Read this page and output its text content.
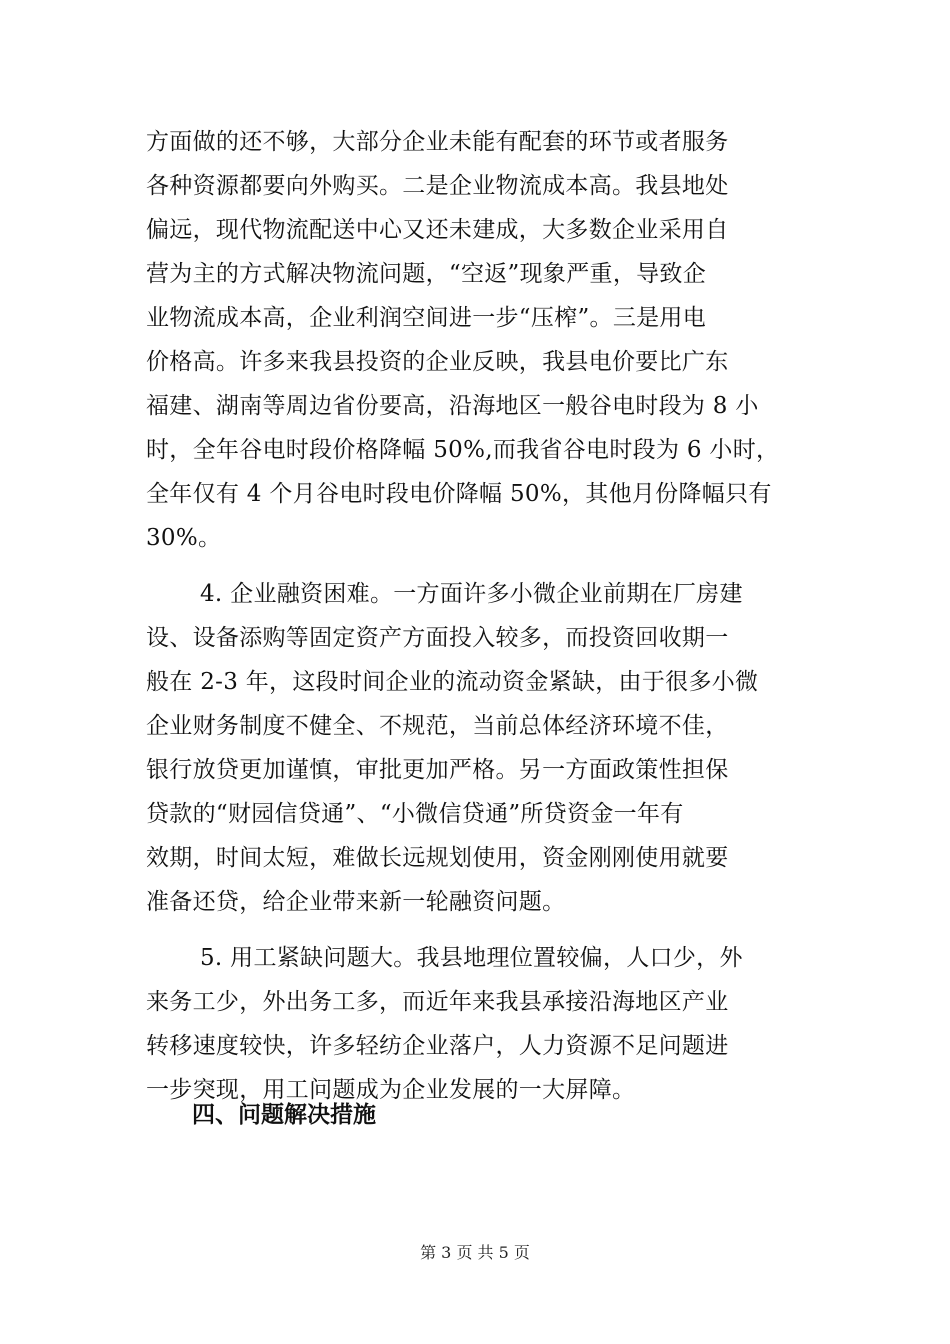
方面做的还不够，大部分企业未能有配套的环节或者服务
各种资源都要向外购买。二是企业物流成本高。我县地处
偏远，现代物流配送中心又还未建成，大多数企业采用自
营为主的方式解决物流问题，“空返”现象严重，导致企
业物流成本高，企业利润空间进一步“压榨”。三是用电
价格高。许多来我县投资的企业反映，我县电价要比广东
福建、湖南等周边省份要高，沿海地区一般谷电时段为 8 小
时，全年谷电时段价格降幅 50%,而我省谷电时段为 6 小时，
全年仅有 4 个月谷电时段电价降幅 50%，其他月份降幅只有
30%。
4. 企业融资困难。一方面许多小微企业前期在厂房建
设、设备添购等固定资产方面投入较多，而投资回收期一
般在 2-3 年，这段时间企业的流动资金紧缺，由于很多小微
企业财务制度不健全、不规范，当前总体经济环境不佳，
银行放贷更加谨慎，审批更加严格。另一方面政策性担保
贷款的“财园信贷通”、“小微信贷通”所贷资金一年有
效期，时间太短，难做长远规划使用，资金刚刚使用就要
准备还贷，给企业带来新一轮融资问题。
5. 用工紧缺问题大。我县地理位置较偏，人口少，外
来务工少，外出务工多，而近年来我县承接沿海地区产业
转移速度较快，许多轻纺企业落户，人力资源不足问题进
一步突现，用工问题成为企业发展的一大屏障。
四、问题解决措施
第 3 页 共 5 页
